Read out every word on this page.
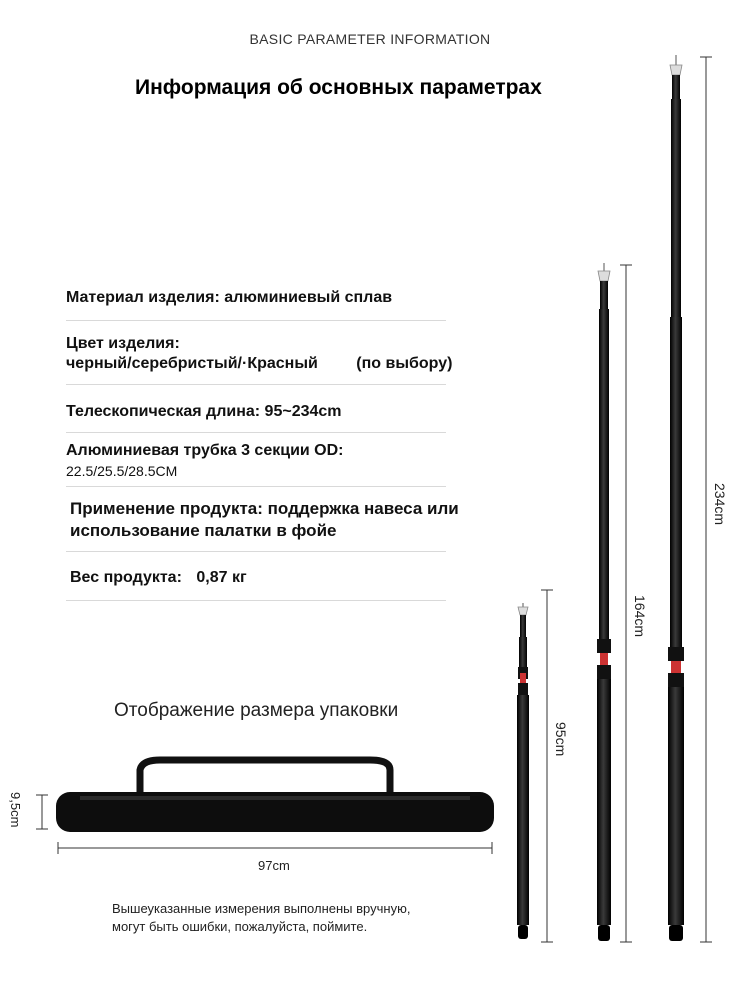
BASIC PARAMETER INFORMATION
Информация об основных параметрах
Материал изделия: алюминиевый сплав
Цвет изделия:
черный/серебристый/·Красный (по выбору)
Телескопическая длина: 95~234cm
Алюминиевая трубка 3 секции OD:
22.5/25.5/28.5CM
Применение продукта: поддержка навеса или
использование палатки в фойе
Вес продукта: 0,87 кг
Отображение размера упаковки
9,5cm
97cm
Вышеуказанные измерения выполнены вручную,
могут быть ошибки, пожалуйста, поймите.
95cm
164cm
234cm
